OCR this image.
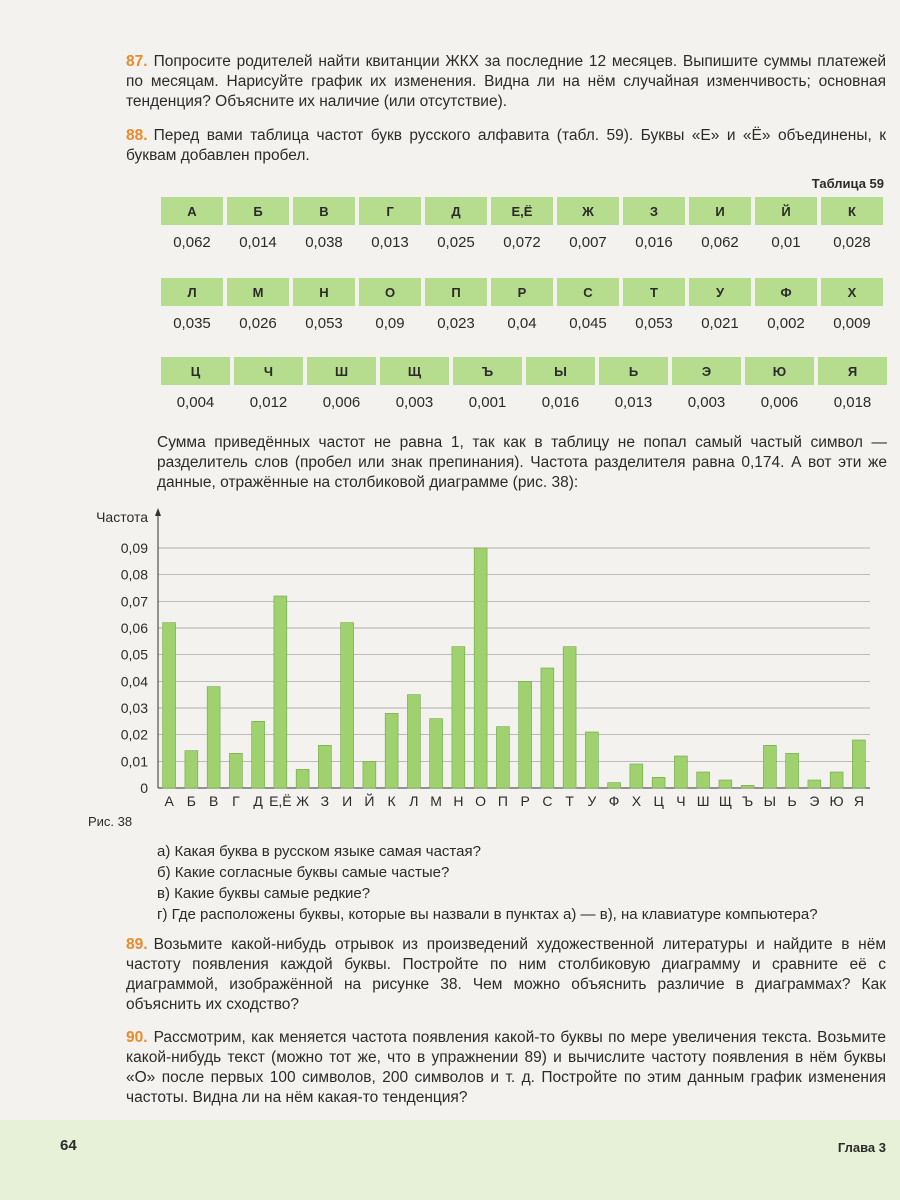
87. Попросите родителей найти квитанции ЖКХ за последние 12 месяцев. Выпишите суммы платежей по месяцам. Нарисуйте график их изменения. Видна ли на нём случайная изменчивость; основная тенденция? Объясните их наличие (или отсутствие).

88. Перед вами таблица частот букв русского алфавита (табл. 59). Буквы «Е» и «Ё» объединены, к буквам добавлен пробел.

Таблица 59
А	Б	В	Г	Д	Е,Ё	Ж	З	И	Й	К
0,062	0,014	0,038	0,013	0,025	0,072	0,007	0,016	0,062	0,01	0,028
Л	М	Н	О	П	Р	С	Т	У	Ф	Х
0,035	0,026	0,053	0,09	0,023	0,04	0,045	0,053	0,021	0,002	0,009
Ц	Ч	Ш	Щ	Ъ	Ы	Ь	Э	Ю	Я
0,004	0,012	0,006	0,003	0,001	0,016	0,013	0,003	0,006	0,018

Сумма приведённых частот не равна 1, так как в таблицу не попал самый частый символ — разделитель слов (пробел или знак препинания). Частота разделителя равна 0,174. А вот эти же данные, отражённые на столбиковой диаграмме (рис. 38):

0
0,01
0,02
0,03
0,04
0,05
0,06
0,07
0,08
0,09
Частота
А Б В Г Д Е,Ё Ж З И Й К Л М Н О П Р С Т У Ф Х Ц Ч Ш Щ Ъ Ы Ь Э Ю Я
Рис. 38
а) Какая буква в русском языке самая частая?
б) Какие согласные буквы самые частые?
в) Какие буквы самые редкие?
г) Где расположены буквы, которые вы назвали в пунктах а) — в), на клавиатуре компьютера?

89. Возьмите какой-нибудь отрывок из произведений художественной литературы и найдите в нём частоту появления каждой буквы. Постройте по ним столбиковую диаграмму и сравните её с диаграммой, изображённой на рисунке 38. Чем можно объяснить различие в диаграммах? Как объяснить их сходство?

90. Рассмотрим, как меняется частота появления какой-то буквы по мере увеличения текста. Возьмите какой-нибудь текст (можно тот же, что в упражнении 89) и вычислите частоту появления в нём буквы «О» после первых 100 символов, 200 символов и т. д. Постройте по этим данным график изменения частоты. Видна ли на нём какая-то тенденция?

64	Глава 3
